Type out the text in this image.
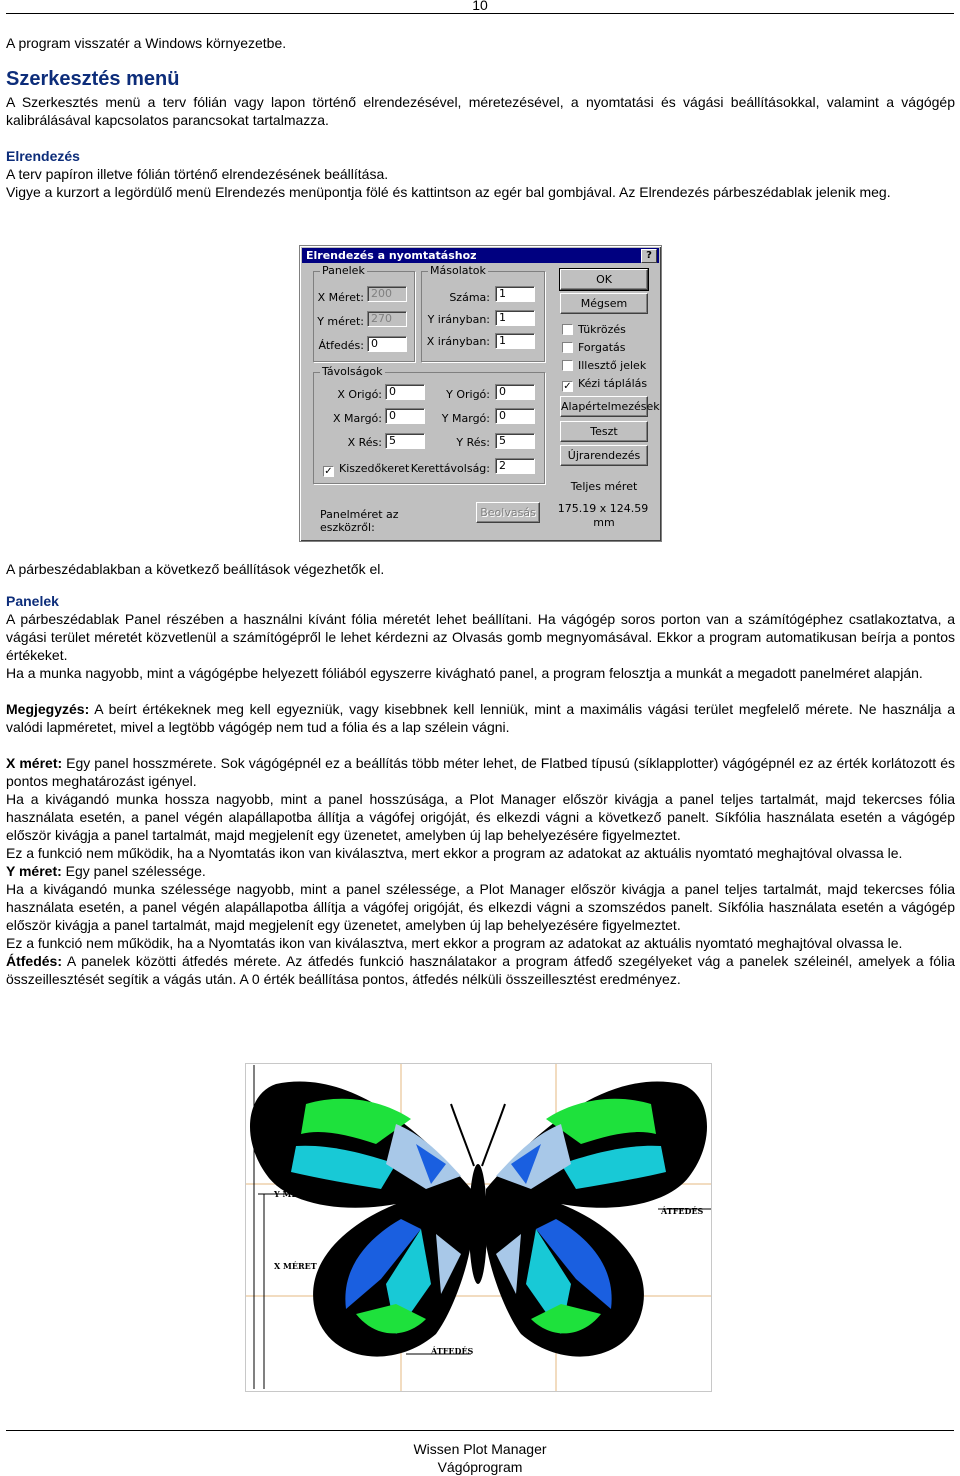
10

A program visszatér a Windows környezetbe.

Szerkesztés menü

A Szerkesztés menü a terv fólián vagy lapon történő elrendezésével, méretezésével, a nyomtatási és vágási beállításokkal, valamint a vágógép kalibrálásával kapcsolatos parancsokat tartalmazza.

Elrendezés

A terv papíron illetve fólián történő elrendezésének beállítása.

Vigye a kurzort a legördülő menü Elrendezés menüpontja fölé és kattintson az egér bal gombjával. Az Elrendezés párbeszédablak jelenik meg.

Elrendezés a nyomtatáshoz	?
Panelek
X Méret: 200
Y méret: 270
Átfedés: 0
Másolatok
Száma: 1
Y irányban: 1
X irányban: 1
Távolságok
X Origó: 0	Y Origó: 0
X Margó: 0	Y Margó: 0
X Rés: 5	Y Rés: 5
✓ Kiszedőkeret Kerettávolság: 2
OK
Mégsem
Tükrözés
Forgatás
Illesztő jelek
✓ Kézi táplálás
Alapértelmezések
Teszt
Újrarendezés
Teljes méret
175.19 x 124.59
mm
Panelméret az eszközről:
Beolvasás

A párbeszédablakban a következő beállítások végezhetők el.

Panelek

A párbeszédablak Panel részében a használni kívánt fólia méretét lehet beállítani. Ha vágógép soros porton van a számítógéphez csatlakoztatva, a vágási terület méretét közvetlenül a számítógépről le lehet kérdezni az Olvasás gomb megnyomásával. Ekkor a program automatikusan beírja a pontos értékeket.

Ha a munka nagyobb, mint a vágógépbe helyezett fóliából egyszerre kivágható panel, a program felosztja a munkát a megadott panelméret alapján.

Megjegyzés: A beírt értékeknek meg kell egyezniük, vagy kisebbnek kell lenniük, mint a maximális vágási terület megfelelő mérete. Ne használja a valódi lapméretet, mivel a legtöbb vágógép nem tud a fólia és a lap szélein vágni.

X méret: Egy panel hosszmérete. Sok vágógépnél ez a beállítás több méter lehet, de Flatbed típusú (síklapplotter) vágógépnél ez az érték korlátozott és pontos meghatározást igényel.

Ha a kivágandó munka hossza nagyobb, mint a panel hosszúsága, a Plot Manager először kivágja a panel teljes tartalmát, majd tekercses fólia használata esetén, a panel végén alapállapotba állítja a vágófej origóját, és elkezdi vágni a következő panelt. Síkfólia használata esetén a vágógép először kivágja a panel tartalmát, majd megjelenít egy üzenetet, amelyben új lap behelyezésére figyelmeztet.

Ez a funkció nem működik, ha a Nyomtatás ikon van kiválasztva, mert ekkor a program az adatokat az aktuális nyomtató meghajtóval olvassa le.

Y méret: Egy panel szélessége.

Ha a kivágandó munka szélessége nagyobb, mint a panel szélessége, a Plot Manager először kivágja a panel teljes tartalmát, majd tekercses fólia használata esetén, a panel végén alapállapotba állítja a vágófej origóját, és elkezdi vágni a szomszédos panelt. Síkfólia használata esetén a vágógép először kivágja a panel tartalmát, majd megjelenít egy üzenetet, amelyben új lap behelyezésére figyelmeztet.

Ez a funkció nem működik, ha a Nyomtatás ikon van kiválasztva, mert ekkor a program az adatokat az aktuális nyomtató meghajtóval olvassa le.

Átfedés: A panelek közötti átfedés mérete. Az átfedés funkció használatakor a program átfedő szegélyeket vág a panelek széleinél, amelyek a fólia összeillesztését segítik a vágás után. A 0 érték beállítása pontos, átfedés nélküli összeillesztést eredményez.

Y MÉRET
X MÉRET
ÁTFEDÉS
ÁTFEDÉS
Wissen Plot Manager
Vágóprogram
